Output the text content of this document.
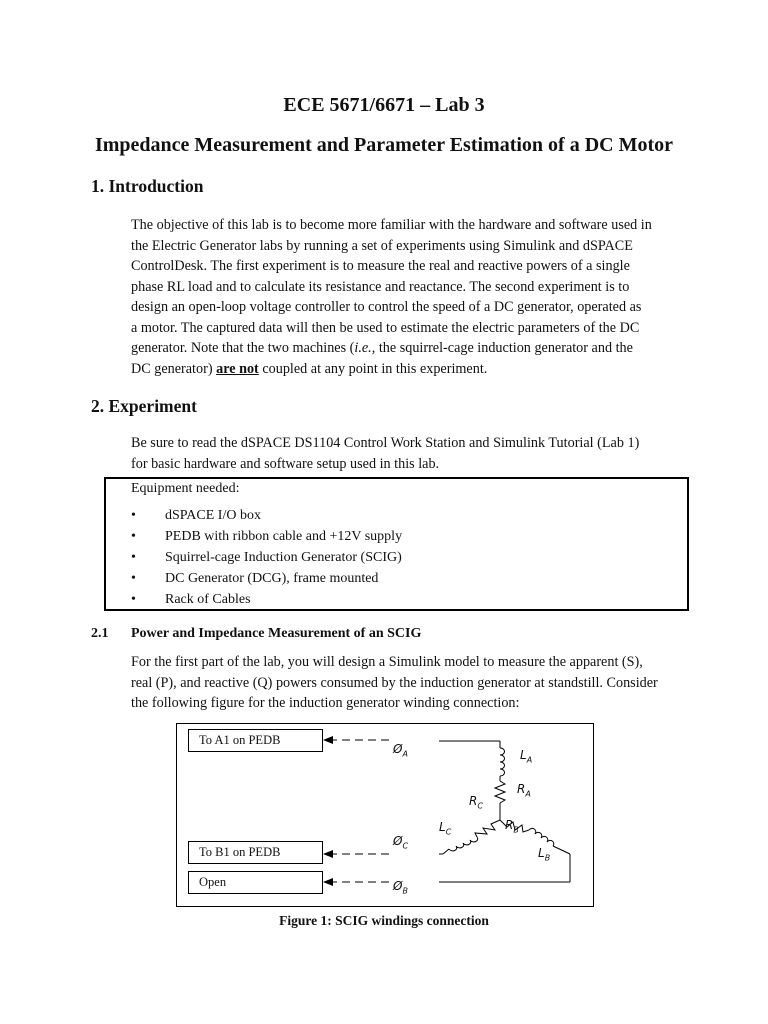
ECE 5671/6671 – Lab 3
Impedance Measurement and Parameter Estimation of a DC Motor
1. Introduction

The objective of this lab is to become more familiar with the hardware and software used in

the Electric Generator labs by running a set of experiments using Simulink and dSPACE

ControlDesk. The first experiment is to measure the real and reactive powers of a single

phase RL load and to calculate its resistance and reactance. The second experiment is to

design an open-loop voltage controller to control the speed of a DC generator, operated as

a motor. The captured data will then be used to estimate the electric parameters of the DC

generator. Note that the two machines (i.e., the squirrel-cage induction generator and the

DC generator) are not coupled at any point in this experiment.

2. Experiment

Be sure to read the dSPACE DS1104 Control Work Station and Simulink Tutorial (Lab 1)

for basic hardware and software setup used in this lab.

Equipment needed:
• dSPACE I/O box
• PEDB with ribbon cable and +12V supply
• Squirrel-cage Induction Generator (SCIG)
• DC Generator (DCG), frame mounted
• Rack of Cables
2.1 Power and Impedance Measurement of an SCIG

For the first part of the lab, you will design a Simulink model to measure the apparent (S),

real (P), and reactive (Q) powers consumed by the induction generator at standstill. Consider

the following figure for the induction generator winding connection:

To A1 on PEDB
To B1 on PEDB
Open
$Ø_A$
$Ø_C$
$Ø_B$
$L_A$
$R_A$
$R_C$
$R_B$
$L_C$
$L_B$
Figure 1: SCIG windings connection
